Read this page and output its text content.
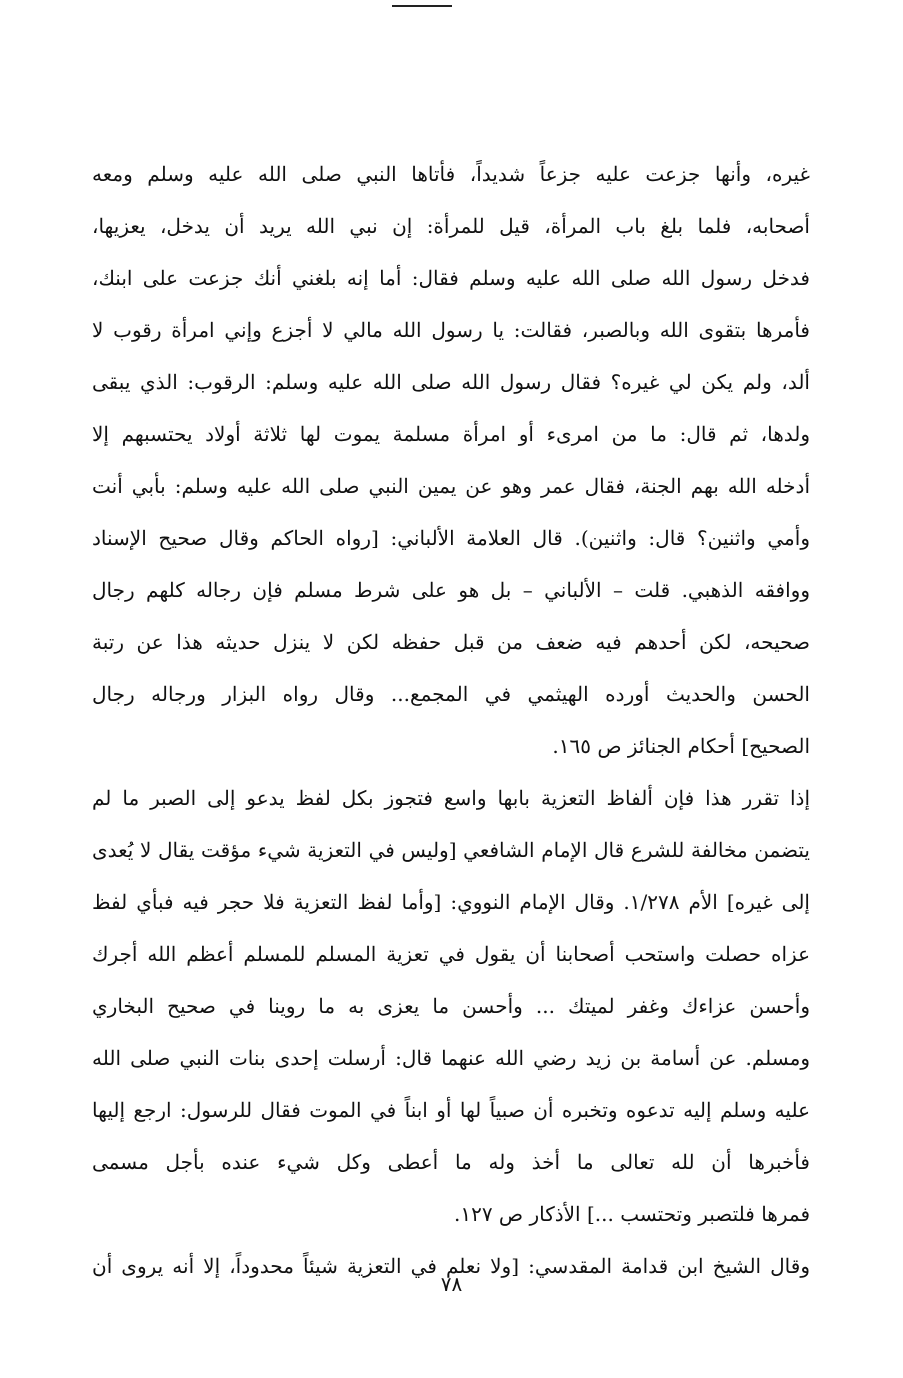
غيره، وأنها جزعت عليه جزعاً شديداً، فأتاها النبي صلى الله عليه وسلم ومعه
أصحابه، فلما بلغ باب المرأة، قيل للمرأة: إن نبي الله يريد أن يدخل، يعزيها،
فدخل رسول الله صلى الله عليه وسلم فقال: أما إنه بلغني أنك جزعت على ابنك،
فأمرها بتقوى الله وبالصبر، فقالت: يا رسول الله مالي لا أجزع وإني امرأة رقوب لا
ألد، ولم يكن لي غيره؟ فقال رسول الله صلى الله عليه وسلم: الرقوب: الذي يبقى
ولدها، ثم قال: ما من امرىء أو امرأة مسلمة يموت لها ثلاثة أولاد يحتسبهم إلا
أدخله الله بهم الجنة، فقال عمر وهو عن يمين النبي صلى الله عليه وسلم: بأبي أنت
وأمي واثنين؟ قال: واثنين). قال العلامة الألباني: [رواه الحاكم وقال صحيح الإسناد
ووافقه الذهبي. قلت – الألباني – بل هو على شرط مسلم فإن رجاله كلهم رجال
صحيحه، لكن أحدهم فيه ضعف من قبل حفظه لكن لا ينزل حديثه هذا عن رتبة
الحسن والحديث أورده الهيثمي في المجمع... وقال رواه البزار ورجاله رجال
الصحيح] أحكام الجنائز ص ١٦٥.
إذا تقرر هذا فإن ألفاظ التعزية بابها واسع فتجوز بكل لفظ يدعو إلى الصبر ما لم
يتضمن مخالفة للشرع قال الإمام الشافعي [وليس في التعزية شيء مؤقت يقال لا يُعدى
إلى غيره] الأم ١/٢٧٨. وقال الإمام النووي: [وأما لفظ التعزية فلا حجر فيه فبأي لفظ
عزاه حصلت واستحب أصحابنا أن يقول في تعزية المسلم للمسلم أعظم الله أجرك
وأحسن عزاءك وغفر لميتك ... وأحسن ما يعزى به ما روينا في صحيح البخاري
ومسلم. عن أسامة بن زيد رضي الله عنهما قال: أرسلت إحدى بنات النبي صلى الله
عليه وسلم إليه تدعوه وتخبره أن صبياً لها أو ابناً في الموت فقال للرسول: ارجع إليها
فأخبرها أن لله تعالى ما أخذ وله ما أعطى وكل شيء عنده بأجل مسمى
فمرها فلتصبر وتحتسب ...] الأذكار ص ١٢٧.
وقال الشيخ ابن قدامة المقدسي: [ولا نعلم في التعزية شيئاً محدوداً، إلا أنه يروى أن
٧٨
